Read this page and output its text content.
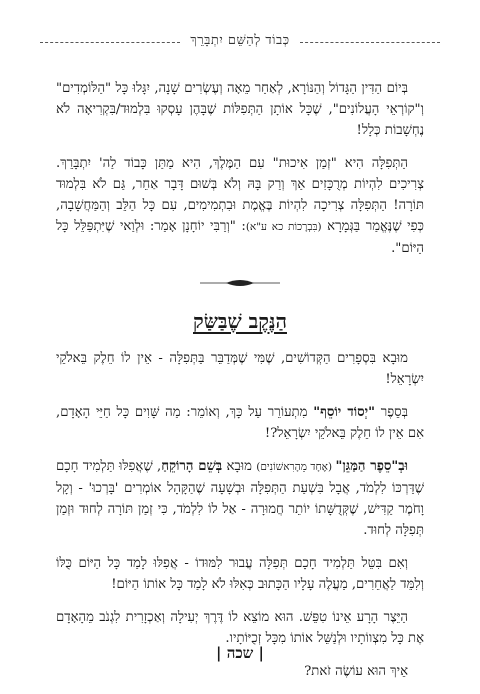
כְּבוֹד לְהַשֵּׁם יִתְבָּרֵךְ

בְּיוֹם הַדִּין הַגָּדוֹל וְהַנּוֹרָא, לְאַחַר מֵאָה וְעֶשְׂרִים שָׁנָה, יִגָּלוּ כָּל "הַלּוֹמְדִים" וְ"קוֹרְאֵי הָעֲלוֹנִים", שֶׁכָּל אוֹתָן הַתְּפִלּוֹת שֶׁבָּהֶן עָסְקוּ בִּלְמוּד/בִּקְרִיאָה לֹא נֶחְשָׁבוֹת כְּלָל!

הַתְּפִלָּה הִיא "זְמַן אִיכוּת" עִם הַמֶּלֶךְ, הִיא מַתַּן כָּבוֹד לַה' יִתְבָּרֵךְ. צְרִיכִים לִהְיוֹת מְרֻכָּזִים אַךְ וְרַק בָּהּ וְלֹא בְּשׁוּם דָּבָר אַחֵר, גַּם לֹא בִּלְמוּד תּוֹרָה! הַתְּפִלָּה צְרִיכָה לִהְיוֹת בֶּאֱמֶת וּבִתְמִימִים, עִם כָּל הַלֵּב וְהַמַּחֲשָׁבָה, כְּפִי שֶׁנֶּאֱמַר בַּגְּמָרָא (בִּבְרָכוֹת כא ע"א): "וְרַבִּי יוֹחָנָן אָמַר: וּלְוַאי שֶׁיִּתְפַּלֵּל כָּל הַיּוֹם".

הַנֶּקֶב שֶׁבַּשַּׂק

מוּבָא בִּסְפָרִים הַקְּדוֹשִׁים, שֶׁמִּי שֶׁמְּדַבֵּר בַּתְּפִלָּה - אֵין לוֹ חֵלֶק בֵּאלֹקֵי יִשְׂרָאֵל!

בְּסֵפֶר "יְסוֹד יוֹסֵף" מִתְעוֹרֵר עַל כָּךְ, וְאוֹמֵר: מַה שָּׁוִים כָּל חַיֵּי הָאָדָם, אִם אֵין לוֹ חֵלֶק בֵּאלֹקֵי יִשְׂרָאֵל?!

וּבְ"סֵפֶר הַמַּגֵּן" (אֶחָד מֵהָרִאשׁוֹנִים) מוּבָא בְּשֵׁם הָרוֹקֵחַ, שֶׁאֲפִלּוּ תַּלְמִיד חָכָם שֶׁדַּרְכּוֹ לִלְמֹד, אֲבָל בִּשְׁעַת הַתְּפִלָּה וּבְשָׁעָה שֶׁהַקָּהָל אוֹמְרִים 'בָּרְכוּ' - וְקָל וָחֹמֶר קַדִּישׁ, שֶׁקְּדֻשָּׁתוֹ יוֹתֵר חֲמוּרָה - אַל לוֹ לִלְמֹד, כִּי זְמַן תּוֹרָה לְחוּד וּזְמַן תְּפִלָּה לְחוּד.

וְאִם בִּטֵּל תַּלְמִיד חָכָם תְּפִלָּה עֲבוּר לִמּוּדוֹ - אֲפִלּוּ לָמַד כָּל הַיּוֹם כֻּלּוֹ וְלִמֵּד לַאֲחֵרִים, מַעֲלֶה עָלָיו הַכָּתוּב כְּאִלּוּ לֹא לָמַד כָּל אוֹתוֹ הַיּוֹם!

הַיֵּצֶר הָרָע אֵינוֹ טִפֵּשׁ. הוּא מוֹצֵא לוֹ דֶּרֶךְ יְעִילָה וְאַכְזָרִית לִגְנֹב מֵהָאָדָם אֶת כָּל מִצְווֹתָיו וּלְנַשֵּׁל אוֹתוֹ מִכָּל זְכֻיּוֹתָיו.

אֵיךְ הוּא עוֹשֶׂה זֹאת?

| שכה |
